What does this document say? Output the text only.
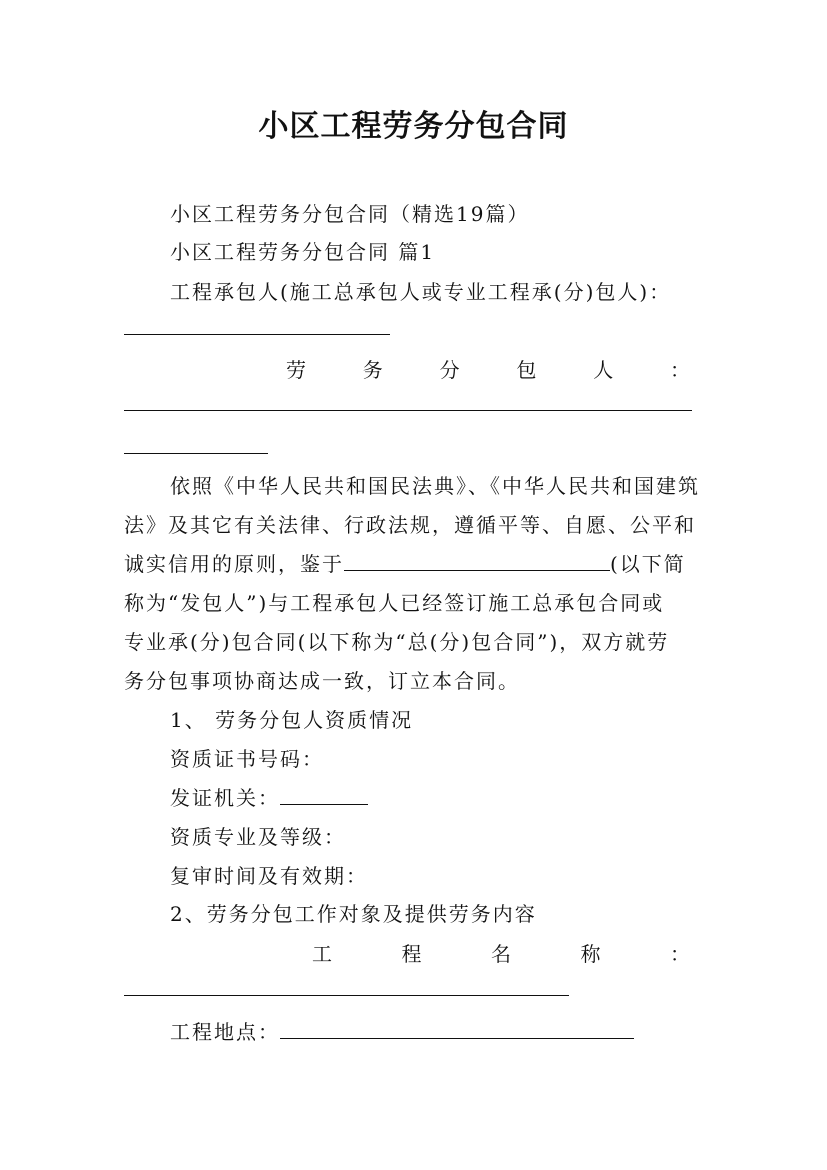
小区工程劳务分包合同
小区工程劳务分包合同（精选19篇）
小区工程劳务分包合同 篇1
工程承包人(施工总承包人或专业工程承(分)包人)：
劳	务	分	包	人	：
依照《中华人民共和国民法典》、《中华人民共和国建筑
法》及其它有关法律、行政法规，遵循平等、自愿、公平和
诚实信用的原则，鉴于	(以下简
称为“发包人”)与工程承包人已经签订施工总承包合同或
专业承(分)包合同(以下称为“总(分)包合同”)，双方就劳
务分包事项协商达成一致，订立本合同。
1、 劳务分包人资质情况
资质证书号码：
发证机关：
资质专业及等级：
复审时间及有效期：
2、劳务分包工作对象及提供劳务内容
工	程	名	称	：
工程地点：
